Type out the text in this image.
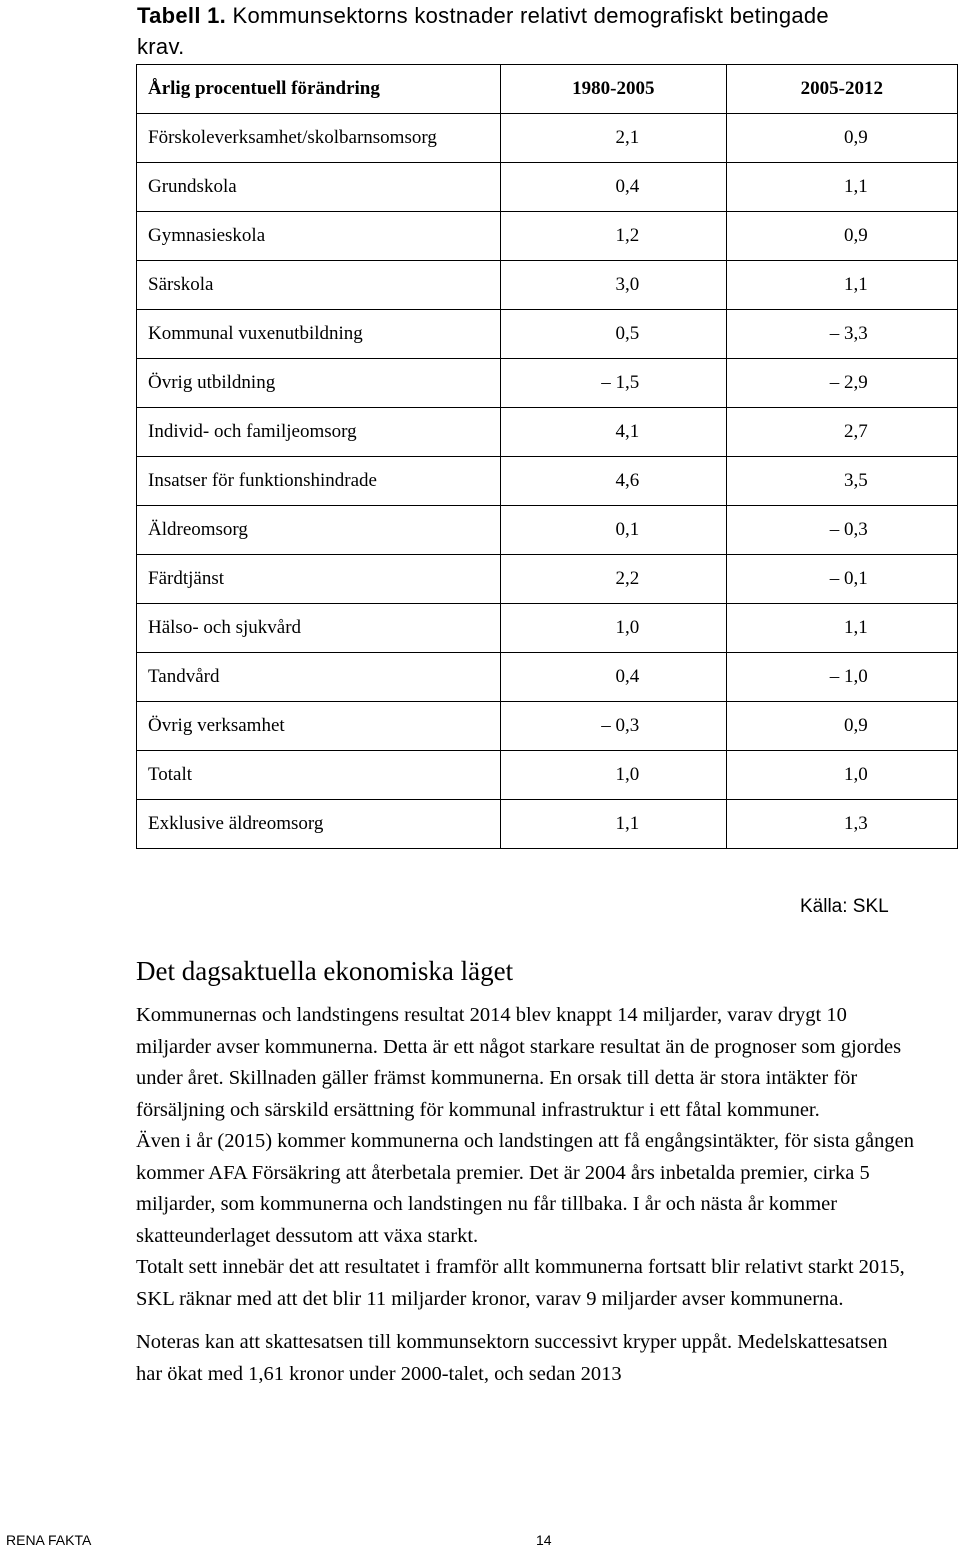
Tabell 1. Kommunsektorns kostnader relativt demografiskt betingade krav.
Årlig procentuell förändring	1980-2005	2005-2012
Förskoleverksamhet/skolbarnsomsorg	2,1	0,9
Grundskola	0,4	1,1
Gymnasieskola	1,2	0,9
Särskola	3,0	1,1
Kommunal vuxenutbildning	0,5	– 3,3
Övrig utbildning	– 1,5	– 2,9
Individ- och familjeomsorg	4,1	2,7
Insatser för funktionshindrade	4,6	3,5
Äldreomsorg	0,1	– 0,3
Färdtjänst	2,2	– 0,1
Hälso- och sjukvård	1,0	1,1
Tandvård	0,4	– 1,0
Övrig verksamhet	– 0,3	0,9
Totalt	1,0	1,0
Exklusive äldreomsorg	1,1	1,3
Källa: SKL
Det dagsaktuella ekonomiska läget

Kommunernas och landstingens resultat 2014 blev knappt 14 miljarder, varav drygt 10 miljarder avser kommunerna. Detta är ett något starkare resultat än de prognoser som gjordes under året. Skillnaden gäller främst kommunerna. En orsak till detta är stora intäkter för försäljning och särskild ersättning för kommunal infrastruktur i ett fåtal kommuner.

Även i år (2015) kommer kommunerna och landstingen att få engångsintäkter, för sista gången kommer AFA Försäkring att återbetala premier. Det är 2004 års inbetalda premier, cirka 5 miljarder, som kommunerna och landstingen nu får tillbaka. I år och nästa år kommer skatteunderlaget dessutom att växa starkt.

Totalt sett innebär det att resultatet i framför allt kommunerna fortsatt blir relativt starkt 2015, SKL räknar med att det blir 11 miljarder kronor, varav 9 miljarder avser kommunerna.

Noteras kan att skattesatsen till kommunsektorn successivt kryper uppåt. Medelskattesatsen har ökat med 1,61 kronor under 2000-talet, och sedan 2013

RENA FAKTA	14
